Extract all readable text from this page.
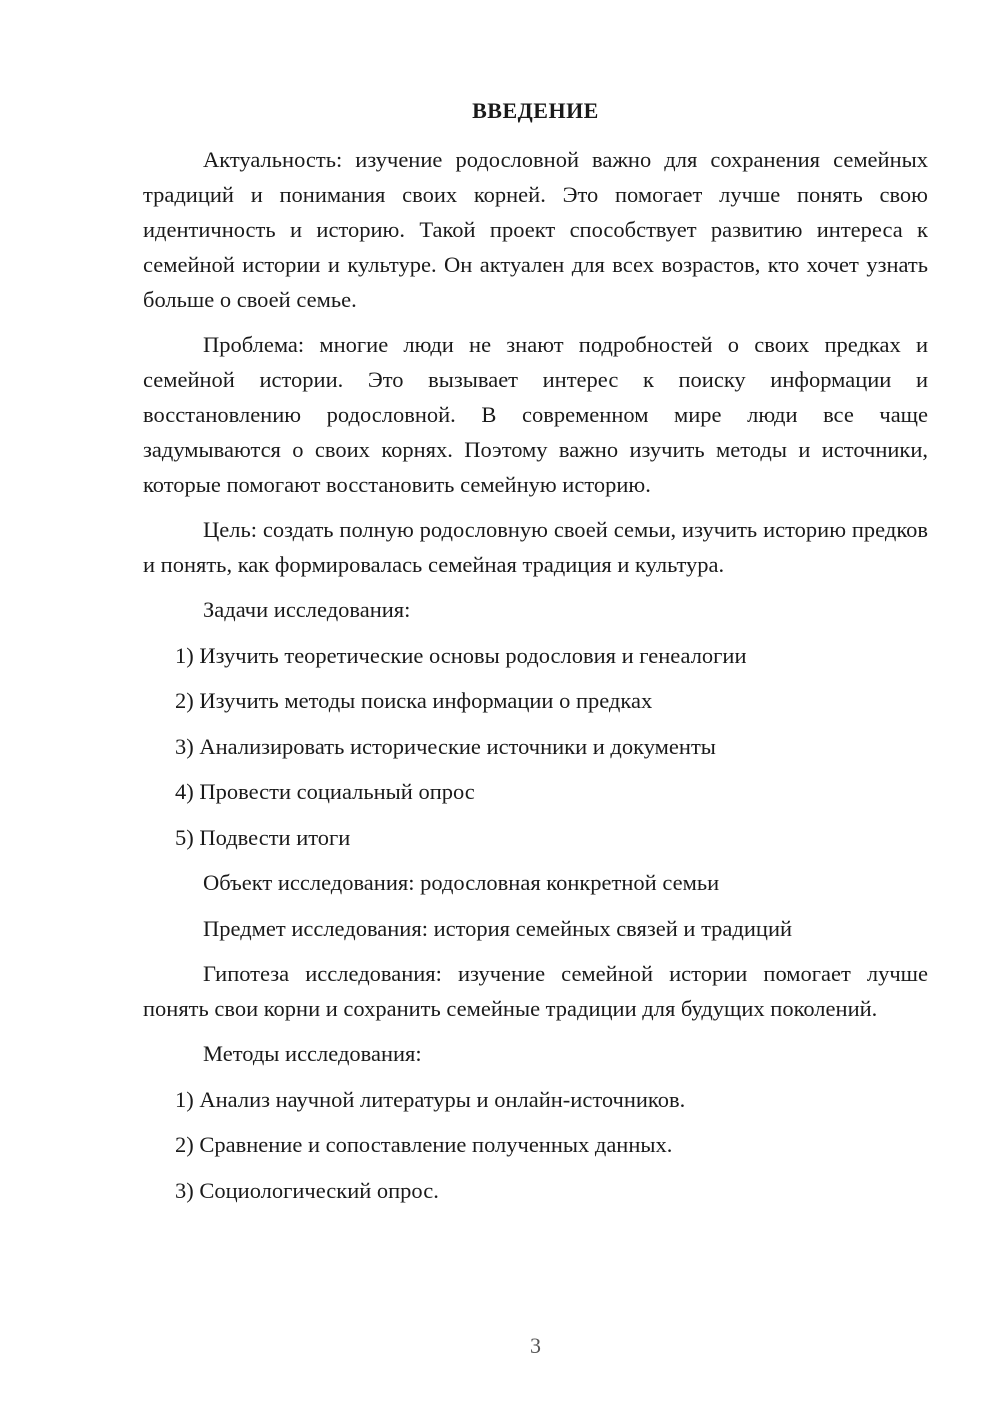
ВВЕДЕНИЕ

Актуальность: изучение родословной важно для сохранения семейных традиций и понимания своих корней. Это помогает лучше понять свою идентичность и историю. Такой проект способствует развитию интереса к семейной истории и культуре. Он актуален для всех возрастов, кто хочет узнать больше о своей семье.

Проблема: многие люди не знают подробностей о своих предках и семейной истории. Это вызывает интерес к поиску информации и восстановлению родословной. В современном мире люди все чаще задумываются о своих корнях. Поэтому важно изучить методы и источники, которые помогают восстановить семейную историю.

Цель: создать полную родословную своей семьи, изучить историю предков и понять, как формировалась семейная традиция и культура.

Задачи исследования:
1) Изучить теоретические основы родословия и генеалогии
2) Изучить методы поиска информации о предках
3) Анализировать исторические источники и документы
4) Провести социальный опрос
5) Подвести итоги
Объект исследования: родословная конкретной семьи
Предмет исследования: история семейных связей и традиций

Гипотеза исследования: изучение семейной истории помогает лучше понять свои корни и сохранить семейные традиции для будущих поколений.

Методы исследования:
1) Анализ научной литературы и онлайн-источников.
2) Сравнение и сопоставление полученных данных.
3) Социологический опрос.
3
